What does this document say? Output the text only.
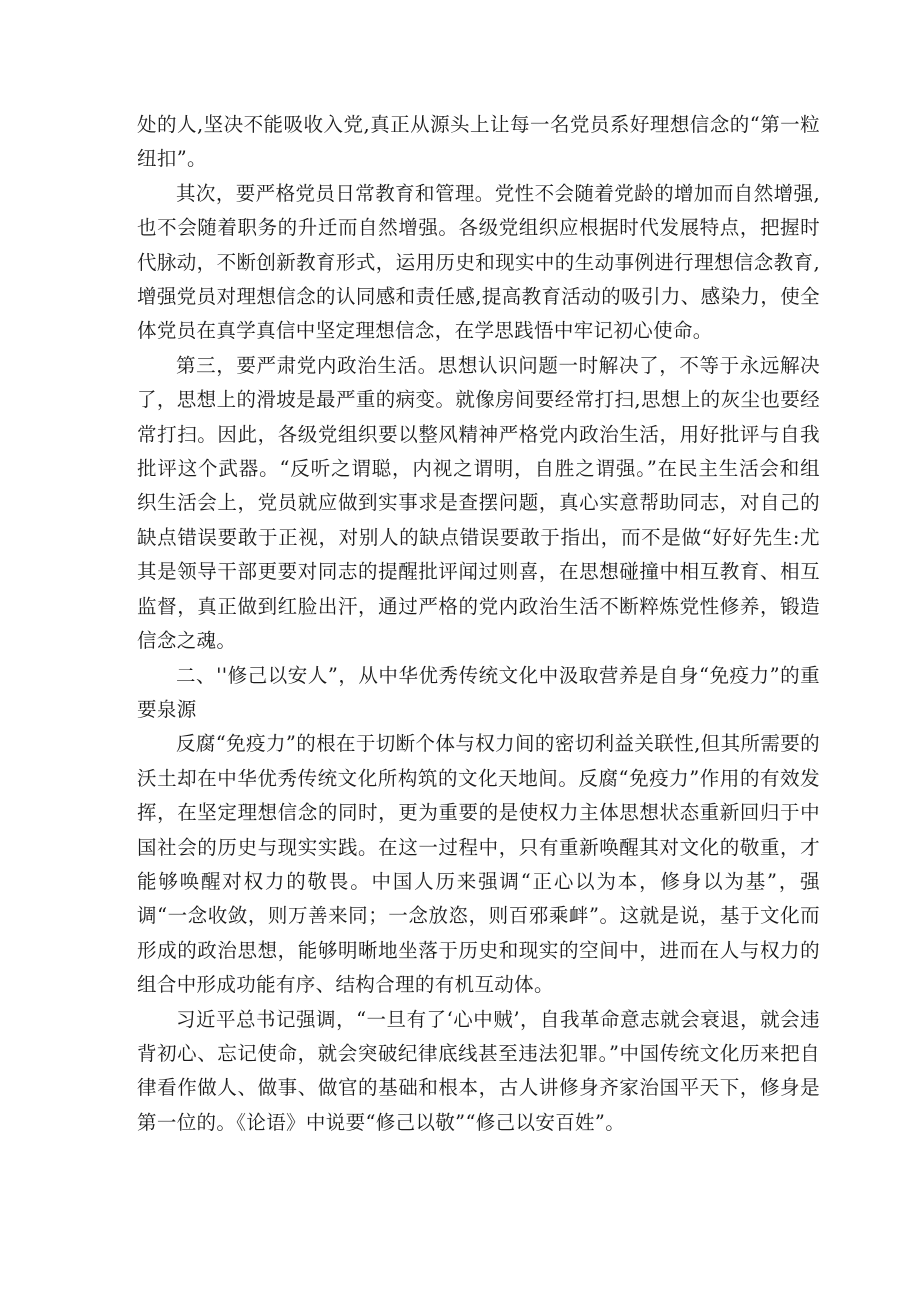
处的人,坚决不能吸收入党,真正从源头上让每一名党员系好理想信念的“第一粒纽扣”。

其次，要严格党员日常教育和管理。党性不会随着党龄的增加而自然增强,也不会随着职务的升迁而自然增强。各级党组织应根据时代发展特点，把握时代脉动，不断创新教育形式，运用历史和现实中的生动事例进行理想信念教育,增强党员对理想信念的认同感和责任感,提高教育活动的吸引力、感染力，使全体党员在真学真信中坚定理想信念，在学思践悟中牢记初心使命。

第三，要严肃党内政治生活。思想认识问题一时解决了，不等于永远解决了，思想上的滑坡是最严重的病变。就像房间要经常打扫,思想上的灰尘也要经常打扫。因此，各级党组织要以整风精神严格党内政治生活，用好批评与自我批评这个武器。“反听之谓聪，内视之谓明，自胜之谓强。”在民主生活会和组织生活会上，党员就应做到实事求是查摆问题，真心实意帮助同志，对自己的缺点错误要敢于正视，对别人的缺点错误要敢于指出，而不是做“好好先生:尤其是领导干部更要对同志的提醒批评闻过则喜，在思想碰撞中相互教育、相互监督，真正做到红脸出汗，通过严格的党内政治生活不断粹炼党性修养，锻造信念之魂。

二、''修己以安人”，从中华优秀传统文化中汲取营养是自身“免疫力”的重要泉源

反腐“免疫力”的根在于切断个体与权力间的密切利益关联性,但其所需要的沃土却在中华优秀传统文化所构筑的文化天地间。反腐“免疫力”作用的有效发挥，在坚定理想信念的同时，更为重要的是使权力主体思想状态重新回归于中国社会的历史与现实实践。在这一过程中，只有重新唤醒其对文化的敬重，才能够唤醒对权力的敬畏。中国人历来强调“正心以为本，修身以为基”，强调“一念收敛，则万善来同；一念放恣，则百邪乘衅”。这就是说，基于文化而形成的政治思想，能够明晰地坐落于历史和现实的空间中，进而在人与权力的组合中形成功能有序、结构合理的有机互动体。

习近平总书记强调，“一旦有了‘心中贼’，自我革命意志就会衰退，就会违背初心、忘记使命，就会突破纪律底线甚至违法犯罪。”中国传统文化历来把自律看作做人、做事、做官的基础和根本，古人讲修身齐家治国平天下，修身是第一位的。《论语》中说要“修己以敬”“修己以安百姓”。
